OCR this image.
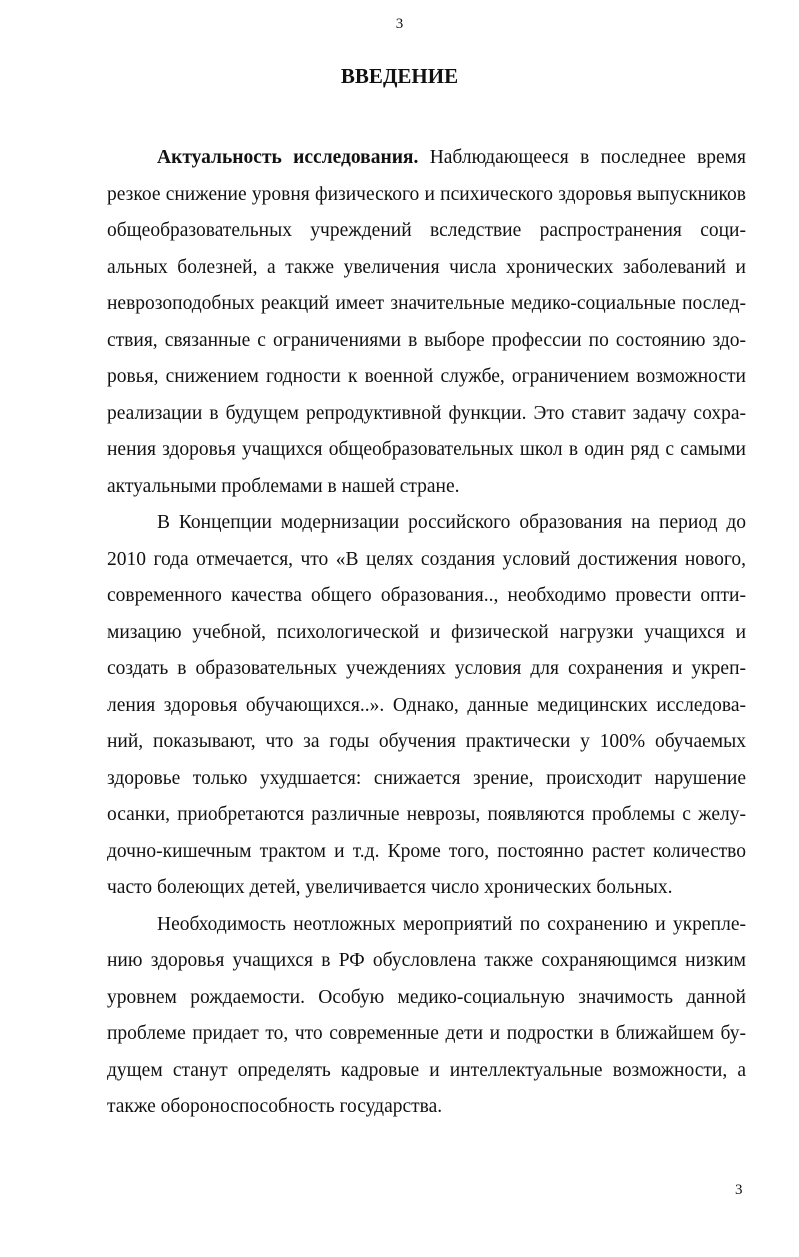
3
ВВЕДЕНИЕ

Актуальность исследования. Наблюдающееся в последнее время резкое снижение уровня физического и психического здоровья выпускников общеобразовательных учреждений вследствие распространения социальных болезней, а также увеличения числа хронических заболеваний и неврозоподобных реакций имеет значительные медико-социальные последствия, связанные с ограничениями в выборе профессии по состоянию здоровья, снижением годности к военной службе, ограничением возможности реализации в будущем репродуктивной функции. Это ставит задачу сохранения здоровья учащихся общеобразовательных школ в один ряд с самыми актуальными проблемами в нашей стране.

В Концепции модернизации российского образования на период до 2010 года отмечается, что «В целях создания условий достижения нового, современного качества общего образования.., необходимо провести оптимизацию учебной, психологической и физической нагрузки учащихся и создать в образовательных учеждениях условия для сохранения и укрепления здоровья обучающихся..». Однако, данные медицинских исследований, показывают, что за годы обучения практически у 100% обучаемых здоровье только ухудшается: снижается зрение, происходит нарушение осанки, приобретаются различные неврозы, появляются проблемы с желудочно-кишечным трактом и т.д. Кроме того, постоянно растет количество часто болеющих детей, увеличивается число хронических больных.

Необходимость неотложных мероприятий по сохранению и укреплению здоровья учащихся в РФ обусловлена также сохраняющимся низким уровнем рождаемости. Особую медико-социальную значимость данной проблеме придает то, что современные дети и подростки в ближайшем будущем станут определять кадровые и интеллектуальные возможности, а также обороноспособность государства.

3
